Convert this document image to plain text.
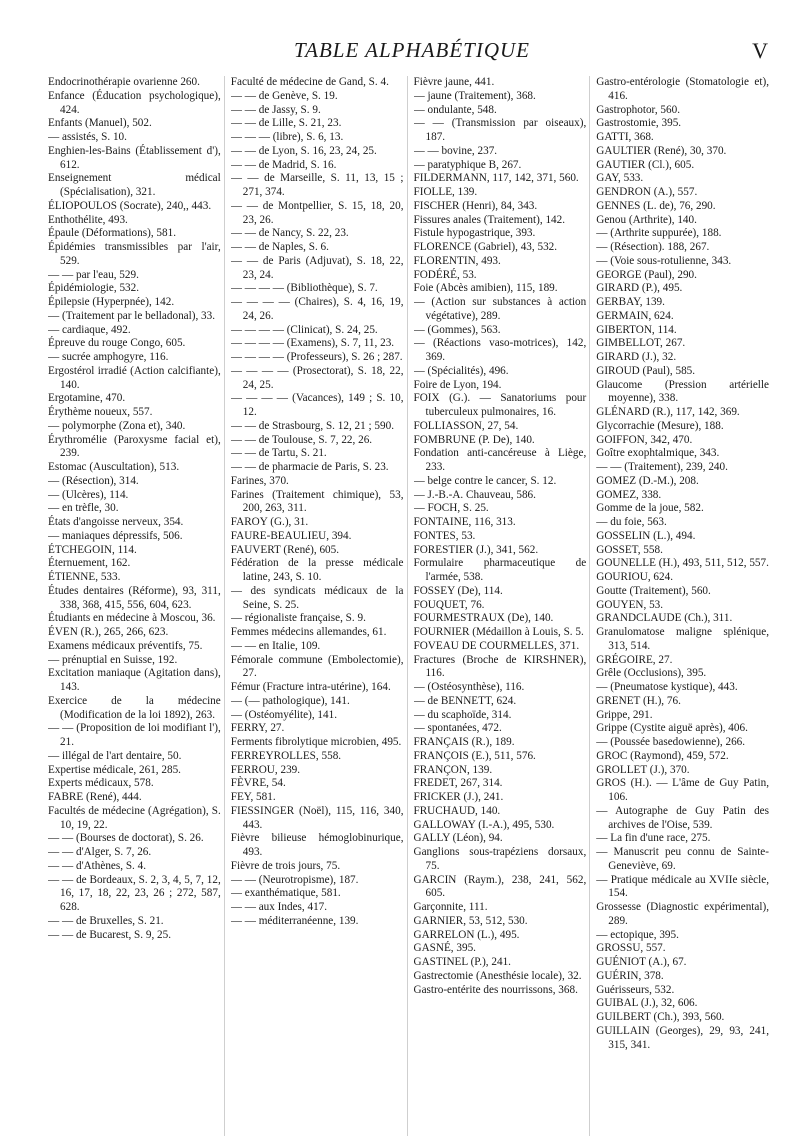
TABLE ALPHABÉTIQUE	V

Endocrinothérapie ovarienne 260.

Enfance (Éducation psychologique), 424.

Enfants (Manuel), 502.

— assistés, S. 10.

Enghien-les-Bains (Établissement d'), 612.

Enseignement médical (Spécialisation), 321.

ÉLIOPOULOS (Socrate), 240,, 443.

Enthothélite, 493.

Épaule (Déformations), 581.

Épidémies transmissibles par l'air, 529.

— — par l'eau, 529.

Épidémiologie, 532.

Épilepsie (Hyperpnée), 142.

— (Traitement par le belladonal), 33.

— cardiaque, 492.

Épreuve du rouge Congo, 605.

— sucrée amphogyre, 116.

Ergostérol irradié (Action calcifiante), 140.

Ergotamine, 470.

Érythème noueux, 557.

— polymorphe (Zona et), 340.

Érythromélie (Paroxysme facial et), 239.

Estomac (Auscultation), 513.

— (Résection), 314.

— (Ulcères), 114.

— en trèfle, 30.

États d'angoisse nerveux, 354.

— maniaques dépressifs, 506.

ÉTCHEGOIN, 114.

Éternuement, 162.

ÉTIENNE, 533.

Études dentaires (Réforme), 93, 311, 338, 368, 415, 556, 604, 623.

Étudiants en médecine à Moscou, 36.

ÉVEN (R.), 265, 266, 623.

Examens médicaux préventifs, 75.

— prénuptial en Suisse, 192.

Excitation maniaque (Agitation dans), 143.

Exercice de la médecine (Modification de la loi 1892), 263.

— — (Proposition de loi modifiant l'), 21.

— illégal de l'art dentaire, 50.

Expertise médicale, 261, 285.

Experts médicaux, 578.

FABRE (René), 444.

Facultés de médecine (Agrégation), S. 10, 19, 22.

— — (Bourses de doctorat), S. 26.

— — d'Alger, S. 7, 26.

— — d'Athènes, S. 4.

— — de Bordeaux, S. 2, 3, 4, 5, 7, 12, 16, 17, 18, 22, 23, 26 ; 272, 587, 628.

— — de Bruxelles, S. 21.

— — de Bucarest, S. 9, 25.

Faculté de médecine de Gand, S. 4.

— — de Genève, S. 19.

— — de Jassy, S. 9.

— — de Lille, S. 21, 23.

— — — (libre), S. 6, 13.

— — de Lyon, S. 16, 23, 24, 25.

— — de Madrid, S. 16.

— — de Marseille, S. 11, 13, 15 ; 271, 374.

— — de Montpellier, S. 15, 18, 20, 23, 26.

— — de Nancy, S. 22, 23.

— — de Naples, S. 6.

— — de Paris (Adjuvat), S. 18, 22, 23, 24.

— — — — (Bibliothèque), S. 7.

— — — — (Chaires), S. 4, 16, 19, 24, 26.

— — — — (Clinicat), S. 24, 25.

— — — — (Examens), S. 7, 11, 23.

— — — — (Professeurs), S. 26 ; 287.

— — — — (Prosectorat), S. 18, 22, 24, 25.

— — — — (Vacances), 149 ; S. 10, 12.

— — de Strasbourg, S. 12, 21 ; 590.

— — de Toulouse, S. 7, 22, 26.

— — de Tartu, S. 21.

— — de pharmacie de Paris, S. 23.

Farines, 370.

Farines (Traitement chimique), 53, 200, 263, 311.

FAROY (G.), 31.

FAURE-BEAULIEU, 394.

FAUVERT (René), 605.

Fédération de la presse médicale latine, 243, S. 10.

— des syndicats médicaux de la Seine, S. 25.

— régionaliste française, S. 9.

Femmes médecins allemandes, 61.

— — en Italie, 109.

Fémorale commune (Embolectomie), 27.

Fémur (Fracture intra-utérine), 164.

— (— pathologique), 141.

— (Ostéomyélite), 141.

FERRY, 27.

Ferments fibrolytique microbien, 495.

FERREYROLLES, 558.

FERROU, 239.

FÈVRE, 54.

FEY, 581.

FIESSINGER (Noël), 115, 116, 340, 443.

Fièvre bilieuse hémoglobinurique, 493.

Fièvre de trois jours, 75.

— — (Neurotropisme), 187.

— exanthématique, 581.

— — aux Indes, 417.

— — méditerranéenne, 139.

Fièvre jaune, 441.

— jaune (Traitement), 368.

— ondulante, 548.

— — (Transmission par oiseaux), 187.

— — bovine, 237.

— paratyphique B, 267.

FILDERMANN, 117, 142, 371, 560.

FIOLLE, 139.

FISCHER (Henri), 84, 343.

Fissures anales (Traitement), 142.

Fistule hypogastrique, 393.

FLORENCE (Gabriel), 43, 532.

FLORENTIN, 493.

FODÉRÉ, 53.

Foie (Abcès amibien), 115, 189.

— (Action sur substances à action végétative), 289.

— (Gommes), 563.

— (Réactions vaso-motrices), 142, 369.

— (Spécialités), 496.

Foire de Lyon, 194.

FOIX (G.). — Sanatoriums pour tuberculeux pulmonaires, 16.

FOLLIASSON, 27, 54.

FOMBRUNE (P. De), 140.

Fondation anti-cancéreuse à Liège, 233.

— belge contre le cancer, S. 12.

— J.-B.-A. Chauveau, 586.

— FOCH, S. 25.

FONTAINE, 116, 313.

FONTES, 53.

FORESTIER (J.), 341, 562.

Formulaire pharmaceutique de l'armée, 538.

FOSSEY (De), 114.

FOUQUET, 76.

FOURMESTRAUX (De), 140.

FOURNIER (Médaillon à Louis, S. 5.

FOVEAU DE COURMELLES, 371.

Fractures (Broche de KIRSHNER), 116.

— (Ostéosynthèse), 116.

— de BENNETT, 624.

— du scaphoïde, 314.

— spontanées, 472.

FRANÇAIS (R.), 189.

FRANÇOIS (E.), 511, 576.

FRANÇON, 139.

FREDET, 267, 314.

FRICKER (J.), 241.

FRUCHAUD, 140.

GALLOWAY (I.-A.), 495, 530.

GALLY (Léon), 94.

Ganglions sous-trapéziens dorsaux, 75.

GARCIN (Raym.), 238, 241, 562, 605.

Garçonnite, 111.

GARNIER, 53, 512, 530.

GARRELON (L.), 495.

GASNÉ, 395.

GASTINEL (P.), 241.

Gastrectomie (Anesthésie locale), 32.

Gastro-entérite des nourrissons, 368.

Gastro-entérologie (Stomatologie et), 416.

Gastrophotor, 560.

Gastrostomie, 395.

GATTI, 368.

GAULTIER (René), 30, 370.

GAUTIER (Cl.), 605.

GAY, 533.

GENDRON (A.), 557.

GENNES (L. de), 76, 290.

Genou (Arthrite), 140.

— (Arthrite suppurée), 188.

— (Résection). 188, 267.

— (Voie sous-rotulienne, 343.

GEORGE (Paul), 290.

GIRARD (P.), 495.

GERBAY, 139.

GERMAIN, 624.

GIBERTON, 114.

GIMBELLOT, 267.

GIRARD (J.), 32.

GIROUD (Paul), 585.

Glaucome (Pression artérielle moyenne), 338.

GLÉNARD (R.), 117, 142, 369.

Glycorrachie (Mesure), 188.

GOIFFON, 342, 470.

Goître exophtalmique, 343.

— — (Traitement), 239, 240.

GOMEZ (D.-M.), 208.

GOMEZ, 338.

Gomme de la joue, 582.

— du foie, 563.

GOSSELIN (L.), 494.

GOSSET, 558.

GOUNELLE (H.), 493, 511, 512, 557.

GOURIOU, 624.

Goutte (Traitement), 560.

GOUYEN, 53.

GRANDCLAUDE (Ch.), 311.

Granulomatose maligne splénique, 313, 514.

GRÉGOIRE, 27.

Grêle (Occlusions), 395.

— (Pneumatose kystique), 443.

GRENET (H.), 76.

Grippe, 291.

Grippe (Cystite aiguë après), 406.

— (Poussée basedowienne), 266.

GROC (Raymond), 459, 572.

GROLLET (J.), 370.

GROS (H.). — L'âme de Guy Patin, 106.

— Autographe de Guy Patin des archives de l'Oise, 539.

— La fin d'une race, 275.

— Manuscrit peu connu de Sainte-Geneviève, 69.

— Pratique médicale au XVIIe siècle, 154.

Grossesse (Diagnostic expérimental), 289.

— ectopique, 395.

GROSSU, 557.

GUÉNIOT (A.), 67.

GUÉRIN, 378.

Guérisseurs, 532.

GUIBAL (J.), 32, 606.

GUILBERT (Ch.), 393, 560.

GUILLAIN (Georges), 29, 93, 241, 315, 341.
